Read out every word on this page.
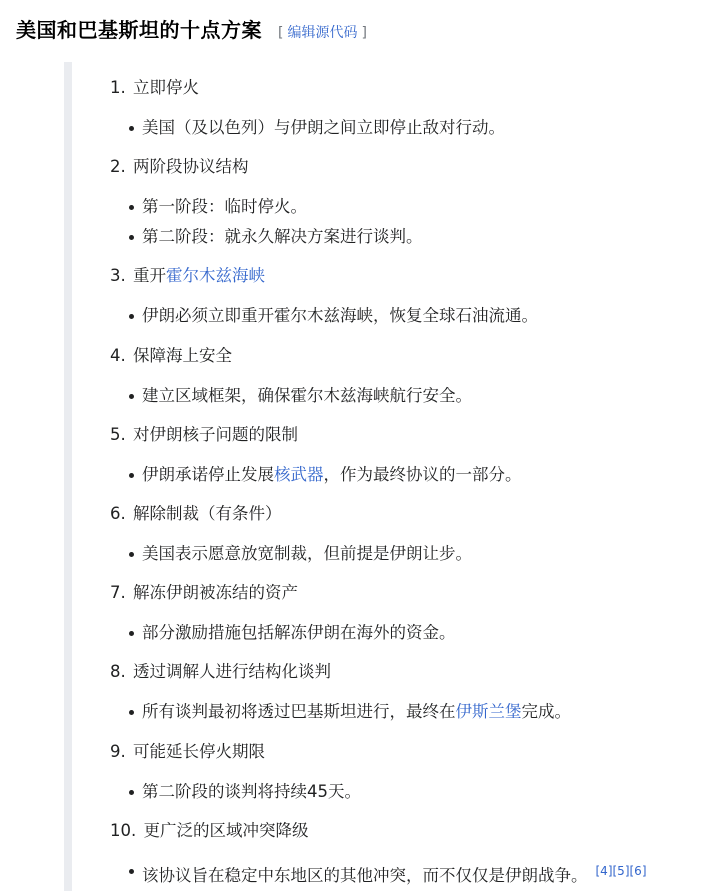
美国和巴基斯坦的十点方案 [ 编辑源代码 ]
1. 立即停火
美国（及以色列）与伊朗之间立即停止敌对行动。
2. 两阶段协议结构
第一阶段：临时停火。
第二阶段：就永久解决方案进行谈判。
3. 重开霍尔木兹海峡
伊朗必须立即重开霍尔木兹海峡，恢复全球石油流通。
4. 保障海上安全
建立区域框架，确保霍尔木兹海峡航行安全。
5. 对伊朗核子问题的限制
伊朗承诺停止发展核武器，作为最终协议的一部分。
6. 解除制裁（有条件）
美国表示愿意放宽制裁，但前提是伊朗让步。
7. 解冻伊朗被冻结的资产
部分激励措施包括解冻伊朗在海外的资金。
8. 透过调解人进行结构化谈判
所有谈判最初将透过巴基斯坦进行，最终在伊斯兰堡完成。
9. 可能延长停火期限
第二阶段的谈判将持续45天。
10. 更广泛的区域冲突降级
该协议旨在稳定中东地区的其他冲突，而不仅仅是伊朗战争。 [4][5][6]
